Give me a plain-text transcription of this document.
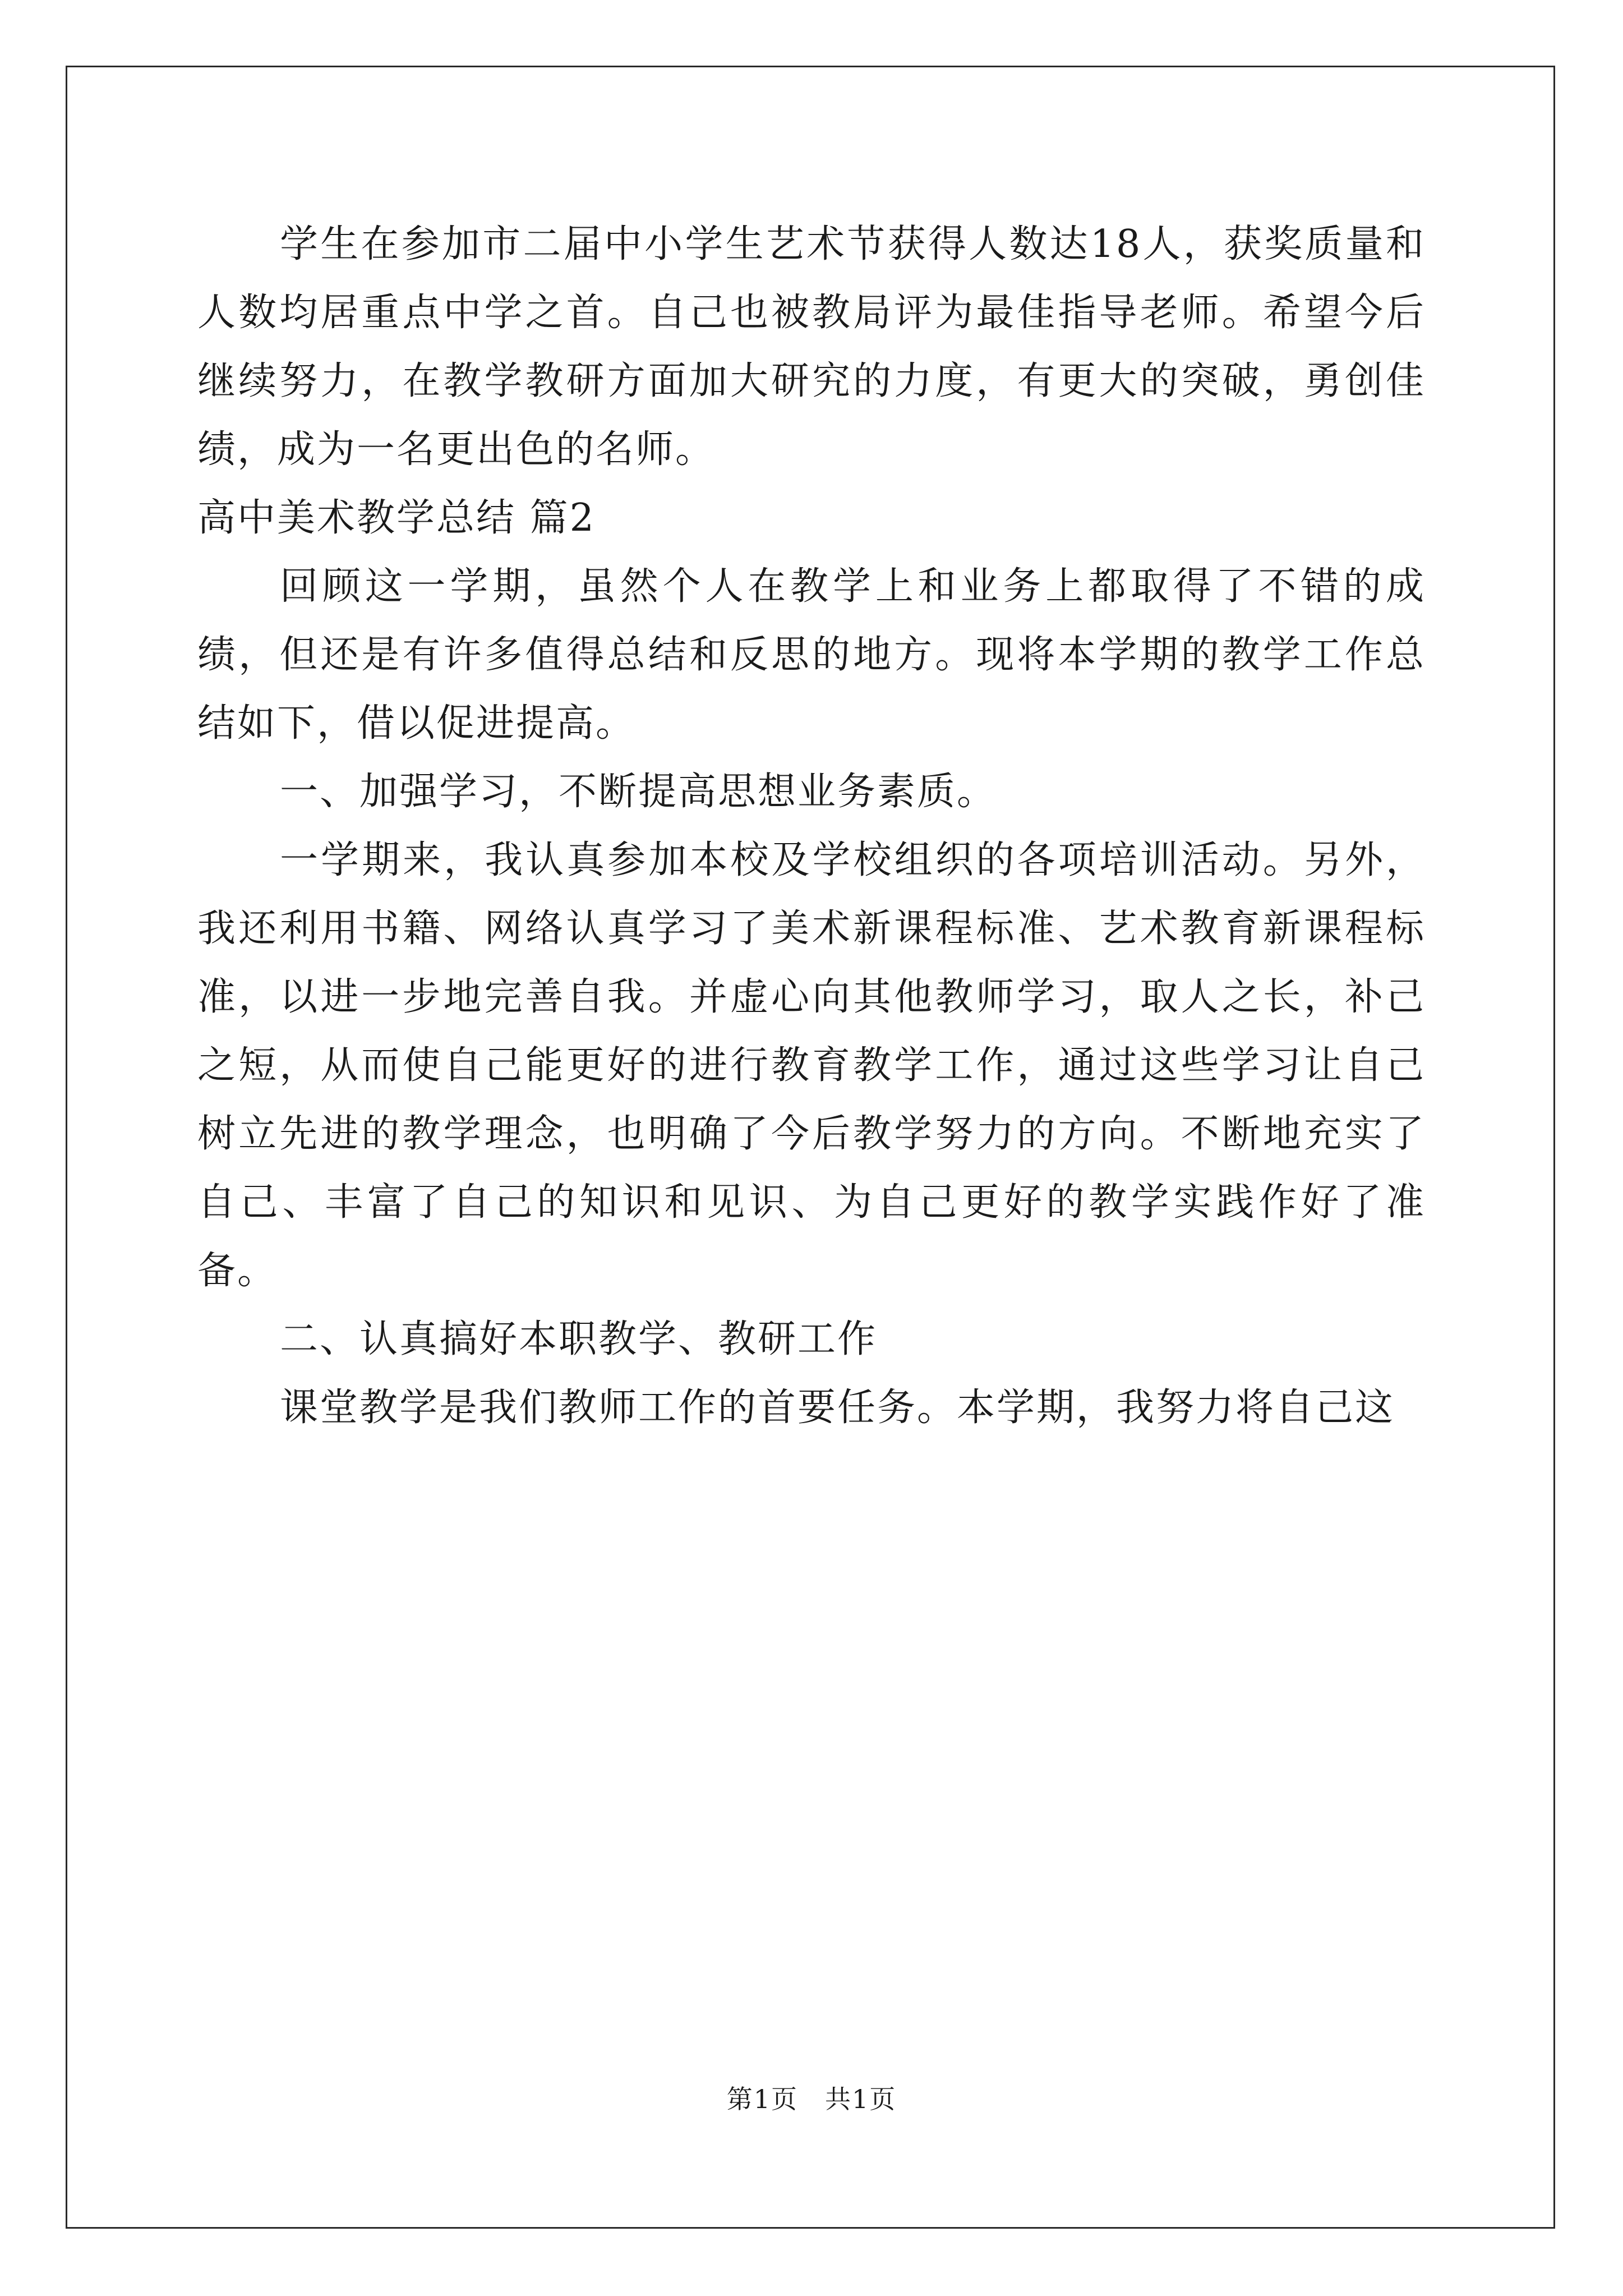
学生在参加市二届中小学生艺术节获得人数达18人，获奖质量和人数均居重点中学之首。自己也被教局评为最佳指导老师。希望今后继续努力，在教学教研方面加大研究的力度，有更大的突破，勇创佳绩，成为一名更出色的名师。

高中美术教学总结 篇2

回顾这一学期，虽然个人在教学上和业务上都取得了不错的成绩，但还是有许多值得总结和反思的地方。现将本学期的教学工作总结如下，借以促进提高。

一、加强学习，不断提高思想业务素质。

一学期来，我认真参加本校及学校组织的各项培训活动。另外，我还利用书籍、网络认真学习了美术新课程标准、艺术教育新课程标准，以进一步地完善自我。并虚心向其他教师学习，取人之长，补己之短，从而使自己能更好的进行教育教学工作，通过这些学习让自己树立先进的教学理念，也明确了今后教学努力的方向。不断地充实了自己、丰富了自己的知识和见识、为自己更好的教学实践作好了准备。

二、认真搞好本职教学、教研工作

课堂教学是我们教师工作的首要任务。本学期，我努力将自己这

第1页　共1页
